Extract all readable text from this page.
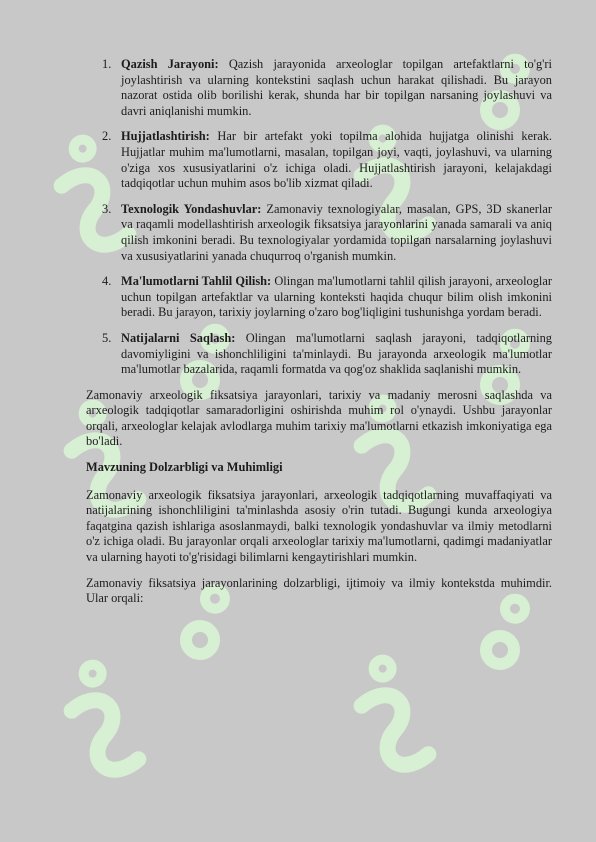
1. Qazish Jarayoni: Qazish jarayonida arxeologlar topilgan artefaktlarni to'g'ri joylashtirish va ularning kontekstini saqlash uchun harakat qilishadi. Bu jarayon nazorat ostida olib borilishi kerak, shunda har bir topilgan narsaning joylashuvi va davri aniqlanishi mumkin.
2. Hujjatlashtirish: Har bir artefakt yoki topilma alohida hujjatga olinishi kerak. Hujjatlar muhim ma'lumotlarni, masalan, topilgan joyi, vaqti, joylashuvi, va ularning o'ziga xos xususiyatlarini o'z ichiga oladi. Hujjatlashtirish jarayoni, kelajakdagi tadqiqotlar uchun muhim asos bo'lib xizmat qiladi.
3. Texnologik Yondashuvlar: Zamonaviy texnologiyalar, masalan, GPS, 3D skanerlar va raqamli modellashtirish arxeologik fiksatsiya jarayonlarini yanada samarali va aniq qilish imkonini beradi. Bu texnologiyalar yordamida topilgan narsalarning joylashuvi va xususiyatlarini yanada chuqurroq o'rganish mumkin.
4. Ma'lumotlarni Tahlil Qilish: Olingan ma'lumotlarni tahlil qilish jarayoni, arxeologlar uchun topilgan artefaktlar va ularning konteksti haqida chuqur bilim olish imkonini beradi. Bu jarayon, tarixiy joylarning o'zaro bog'liqligini tushunishga yordam beradi.
5. Natijalarni Saqlash: Olingan ma'lumotlarni saqlash jarayoni, tadqiqotlarning davomiyligini va ishonchliligini ta'minlaydi. Bu jarayonda arxeologik ma'lumotlar ma'lumotlar bazalarida, raqamli formatda va qog'oz shaklida saqlanishi mumkin.

Zamonaviy arxeologik fiksatsiya jarayonlari, tarixiy va madaniy merosni saqlashda va arxeologik tadqiqotlar samaradorligini oshirishda muhim rol o'ynaydi. Ushbu jarayonlar orqali, arxeologlar kelajak avlodlarga muhim tarixiy ma'lumotlarni etkazish imkoniyatiga ega bo'ladi.

Mavzuning Dolzarbligi va Muhimligi

Zamonaviy arxeologik fiksatsiya jarayonlari, arxeologik tadqiqotlarning muvaffaqiyati va natijalarining ishonchliligini ta'minlashda asosiy o'rin tutadi. Bugungi kunda arxeologiya faqatgina qazish ishlariga asoslanmaydi, balki texnologik yondashuvlar va ilmiy metodlarni o'z ichiga oladi. Bu jarayonlar orqali arxeologlar tarixiy ma'lumotlarni, qadimgi madaniyatlar va ularning hayoti to'g'risidagi bilimlarni kengaytirishlari mumkin.

Zamonaviy fiksatsiya jarayonlarining dolzarbligi, ijtimoiy va ilmiy kontekstda muhimdir. Ular orqali:
